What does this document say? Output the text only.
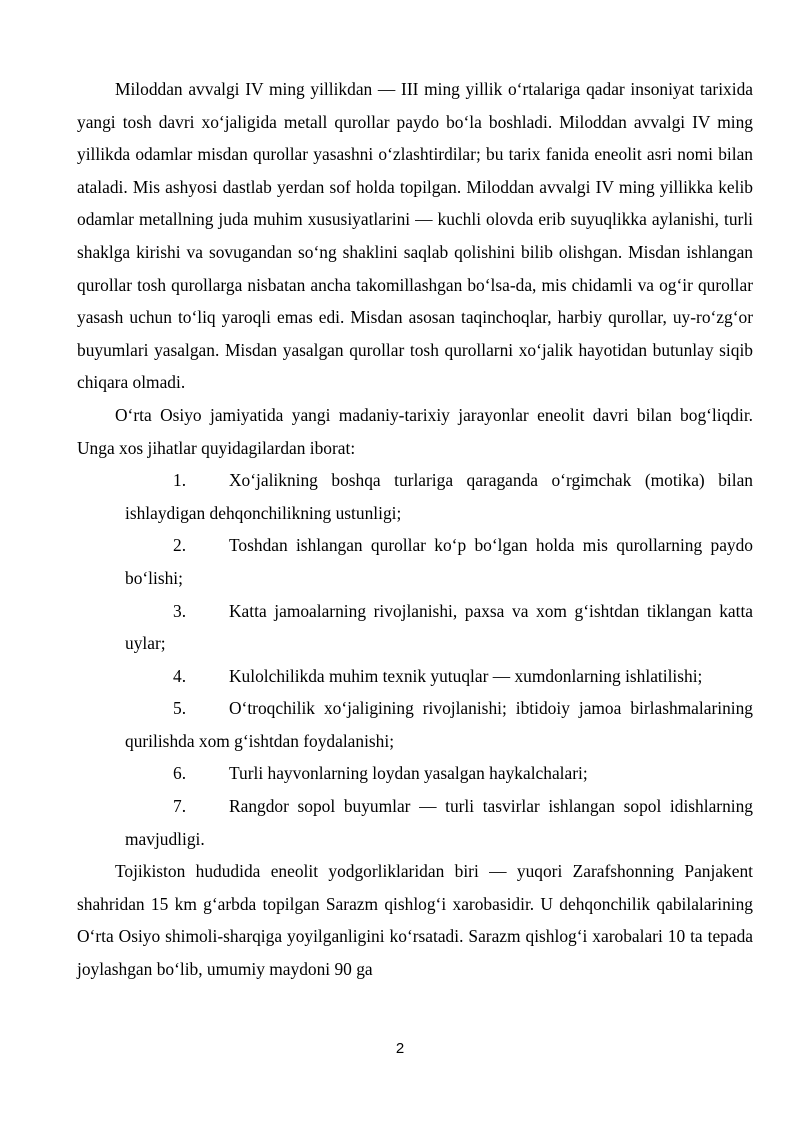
Miloddan avvalgi IV ming yillikdan — III ming yillik o‘rtalariga qadar insoniyat tarixida yangi tosh davri xo‘jaligida metall qurollar paydo bo‘la boshladi. Miloddan avvalgi IV ming yillikda odamlar misdan qurollar yasashni o‘zlashtirdilar; bu tarix fanida eneolit asri nomi bilan ataladi. Mis ashyosi dastlab yerdan sof holda topilgan. Miloddan avvalgi IV ming yillikka kelib odamlar metallning juda muhim xususiyatlarini — kuchli olovda erib suyuqlikka aylanishi, turli shaklga kirishi va sovugandan so‘ng shaklini saqlab qolishini bilib olishgan. Misdan ishlangan qurollar tosh qurollarga nisbatan ancha takomillashgan bo‘lsa-da, mis chidamli va og‘ir qurollar yasash uchun to‘liq yaroqli emas edi. Misdan asosan taqinchoqlar, harbiy qurollar, uy-ro‘zg‘or buyumlari yasalgan. Misdan yasalgan qurollar tosh qurollarni xo‘jalik hayotidan butunlay siqib chiqara olmadi.

O‘rta Osiyo jamiyatida yangi madaniy-tarixiy jarayonlar eneolit davri bilan bog‘liqdir. Unga xos jihatlar quyidagilardan iborat:

1. Xo‘jalikning boshqa turlariga qaraganda o‘rgimchak (motika) bilan ishlaydigan dehqonchilikning ustunligi;
2. Toshdan ishlangan qurollar ko‘p bo‘lgan holda mis qurollarning paydo bo‘lishi;
3. Katta jamoalarning rivojlanishi, paxsa va xom g‘ishtdan tiklangan katta uylar;
4. Kulolchilikda muhim texnik yutuqlar — xumdonlarning ishlatilishi;
5. O‘troqchilik xo‘jaligining rivojlanishi; ibtidoiy jamoa birlashmalarining qurilishda xom g‘ishtdan foydalanishi;
6. Turli hayvonlarning loydan yasalgan haykalchalari;
7. Rangdor sopol buyumlar — turli tasvirlar ishlangan sopol idishlarning mavjudligi.

Tojikiston hududida eneolit yodgorliklaridan biri — yuqori Zarafshonning Panjakent shahridan 15 km g‘arbda topilgan Sarazm qishlog‘i xarobasidir. U dehqonchilik qabilalarining O‘rta Osiyo shimoli-sharqiga yoyilganligini ko‘rsatadi. Sarazm qishlog‘i xarobalari 10 ta tepada joylashgan bo‘lib, umumiy maydoni 90 ga

2
